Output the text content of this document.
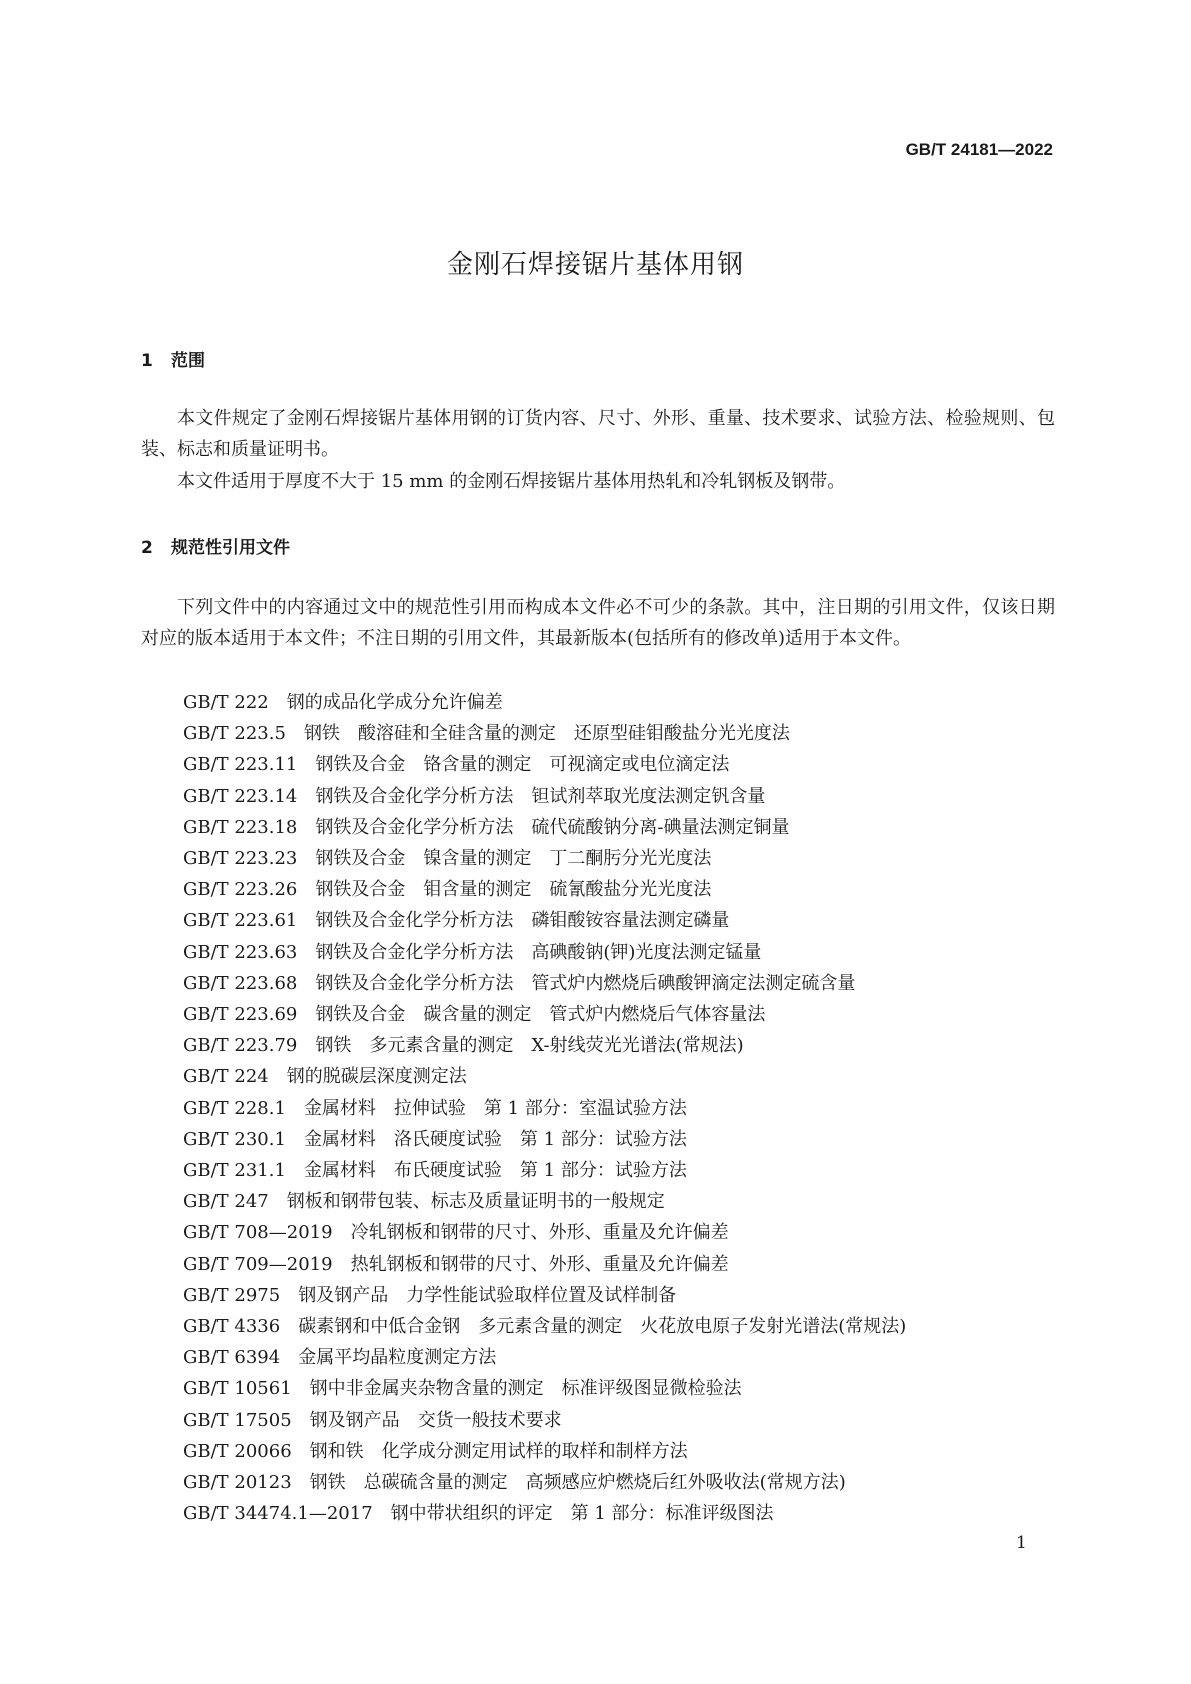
GB/T 24181—2022
金刚石焊接锯片基体用钢
1 范围
本文件规定了金刚石焊接锯片基体用钢的订货内容、尺寸、外形、重量、技术要求、试验方法、检验规则、包装、标志和质量证明书。
本文件适用于厚度不大于 15 mm 的金刚石焊接锯片基体用热轧和冷轧钢板及钢带。
2 规范性引用文件
下列文件中的内容通过文中的规范性引用而构成本文件必不可少的条款。其中，注日期的引用文件，仅该日期对应的版本适用于本文件；不注日期的引用文件，其最新版本(包括所有的修改单)适用于本文件。
GB/T 222 钢的成品化学成分允许偏差
GB/T 223.5 钢铁　酸溶硅和全硅含量的测定　还原型硅钼酸盐分光光度法
GB/T 223.11 钢铁及合金　铬含量的测定　可视滴定或电位滴定法
GB/T 223.14 钢铁及合金化学分析方法　钽试剂萃取光度法测定钒含量
GB/T 223.18 钢铁及合金化学分析方法　硫代硫酸钠分离-碘量法测定铜量
GB/T 223.23 钢铁及合金　镍含量的测定　丁二酮肟分光光度法
GB/T 223.26 钢铁及合金　钼含量的测定　硫氰酸盐分光光度法
GB/T 223.61 钢铁及合金化学分析方法　磷钼酸铵容量法测定磷量
GB/T 223.63 钢铁及合金化学分析方法　高碘酸钠(钾)光度法测定锰量
GB/T 223.68 钢铁及合金化学分析方法　管式炉内燃烧后碘酸钾滴定法测定硫含量
GB/T 223.69 钢铁及合金　碳含量的测定　管式炉内燃烧后气体容量法
GB/T 223.79 钢铁　多元素含量的测定　X-射线荧光光谱法(常规法)
GB/T 224 钢的脱碳层深度测定法
GB/T 228.1 金属材料　拉伸试验　第 1 部分：室温试验方法
GB/T 230.1 金属材料　洛氏硬度试验　第 1 部分：试验方法
GB/T 231.1 金属材料　布氏硬度试验　第 1 部分：试验方法
GB/T 247 钢板和钢带包装、标志及质量证明书的一般规定
GB/T 708—2019 冷轧钢板和钢带的尺寸、外形、重量及允许偏差
GB/T 709—2019 热轧钢板和钢带的尺寸、外形、重量及允许偏差
GB/T 2975 钢及钢产品　力学性能试验取样位置及试样制备
GB/T 4336 碳素钢和中低合金钢　多元素含量的测定　火花放电原子发射光谱法(常规法)
GB/T 6394 金属平均晶粒度测定方法
GB/T 10561 钢中非金属夹杂物含量的测定　标准评级图显微检验法
GB/T 17505 钢及钢产品　交货一般技术要求
GB/T 20066 钢和铁　化学成分测定用试样的取样和制样方法
GB/T 20123 钢铁　总碳硫含量的测定　高频感应炉燃烧后红外吸收法(常规方法)
GB/T 34474.1—2017 钢中带状组织的评定　第 1 部分：标准评级图法
1
